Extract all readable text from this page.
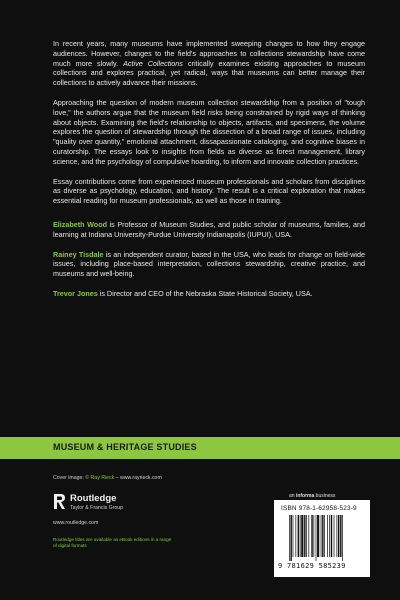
In recent years, many museums have implemented sweeping changes to how they engage audiences. However, changes to the field's approaches to collections stewardship have come much more slowly. Active Collections critically examines existing approaches to museum collections and explores practical, yet radical, ways that museums can better manage their collections to actively advance their missions.

Approaching the question of modern museum collection stewardship from a position of "tough love," the authors argue that the museum field risks being constrained by rigid ways of thinking about objects. Examining the field's relationship to objects, artifacts, and specimens, the volume explores the question of stewardship through the dissection of a broad range of issues, including "quality over quantity," emotional attachment, dissapassionate cataloging, and cognitive biases in curatorship. The essays look to insights from fields as diverse as forest management, library science, and the psychology of compulsive hoarding, to inform and innovate collection practices.

Essay contributions come from experienced museum professionals and scholars from disciplines as diverse as psychology, education, and history. The result is a critical exploration that makes essential reading for museum professionals, as well as those in training.

Elizabeth Wood is Professor of Museum Studies, and public scholar of museums, families, and learning at Indiana University-Purdue University Indianapolis (IUPUI), USA.

Rainey Tisdale is an independent curator, based in the USA, who leads for change on field-wide issues, including place-based interpretation, collections stewardship, creative practice, and museums and well-being.

Trevor Jones is Director and CEO of the Nebraska State Historical Society, USA.

MUSEUM & HERITAGE STUDIES
Cover image: © Ray Rieck – www.rayrieck.com
Routledge
Taylor & Francis Group
www.routledge.com
Routledge titles are available as eBook editions in a range of digital formats
an informa business
ISBN 978-1-62958-523-9
9 781629 585239
